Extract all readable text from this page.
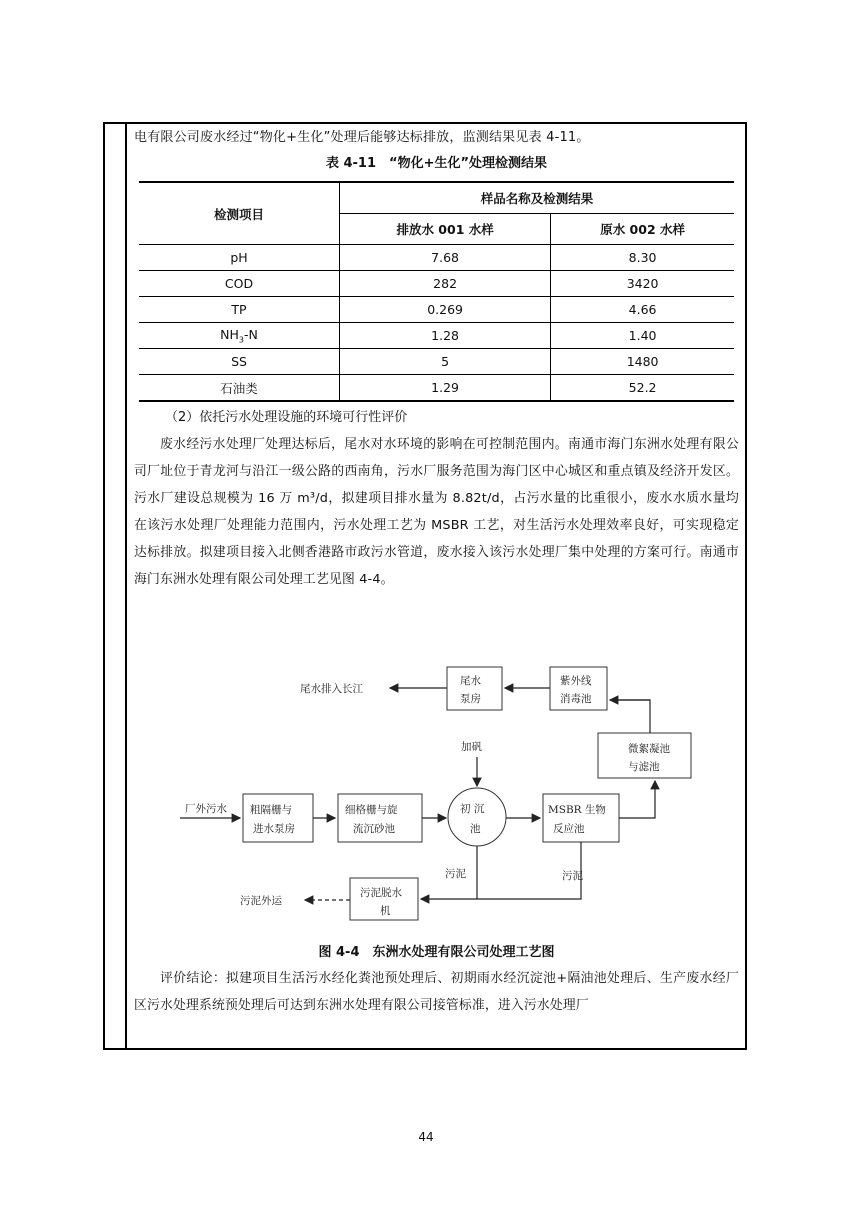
电有限公司废水经过“物化+生化”处理后能够达标排放，监测结果见表 4-11。
表 4-11　“物化+生化”处理检测结果
检测项目	样品名称及检测结果	
	排放水 001 水样	原水 002 水样
pH	7.68	8.30
COD	282	3420
TP	0.269	4.66
$NH_3-N$	1.28	1.40
SS	5	1480
石油类	1.29	52.2
（2）依托污水处理设施的环境可行性评价
废水经污水处理厂处理达标后，尾水对水环境的影响在可控制范围内。南通市海门东洲水处理有限公司厂址位于青龙河与沿江一级公路的西南角，污水厂服务范围为海门区中心城区和重点镇及经济开发区。污水厂建设总规模为 16 万 m³/d，拟建项目排水量为 8.82t/d，占污水量的比重很小，废水水质水量均在该污水处理厂处理能力范围内，污水处理工艺为 MSBR 工艺，对生活污水处理效率良好，可实现稳定达标排放。拟建项目接入北侧香港路市政污水管道，废水接入该污水处理厂集中处理的方案可行。南通市海门东洲水处理有限公司处理工艺见图 4-4。
尾水排入长江
尾水
泵房
紫外线
消毒池
加矾	微絮凝池
与滤池
厂外污水 粗隔栅与
进水泵房
细格栅与旋
流沉砂池
初 沉
池
MSBR 生物
反应池
污泥	污泥
污泥脱水
机
污泥外运
图 4-4　东洲水处理有限公司处理工艺图
评价结论：拟建项目生活污水经化粪池预处理后、初期雨水经沉淀池+隔油池处理后、生产废水经厂区污水处理系统预处理后可达到东洲水处理有限公司接管标准，进入污水处理厂
44
